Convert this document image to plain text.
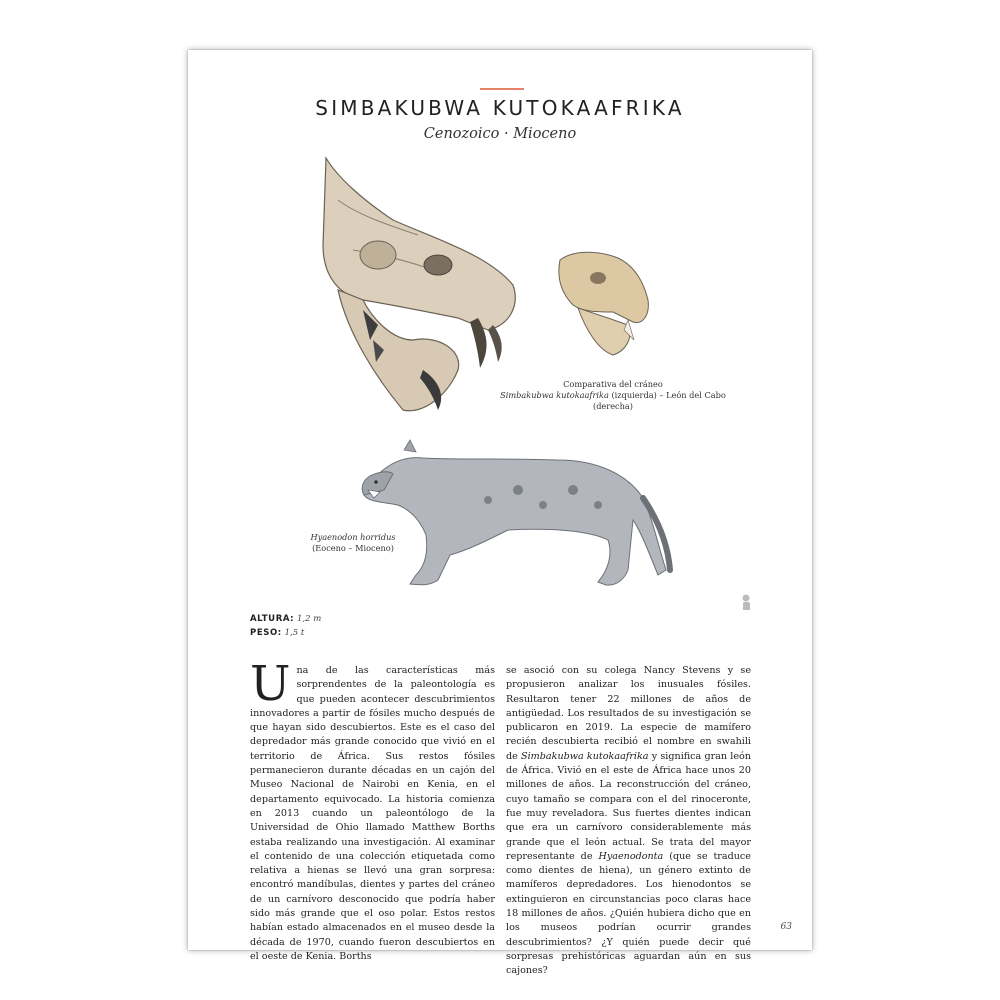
SIMBAKUBWA KUTOKAAFRIKA
Cenozoico · Mioceno
Comparativa del cráneo
Simbakubwa kutokaafrika (izquierda) – León del Cabo (derecha)
Hyaenodon horridus
(Eoceno – Mioceno)
ALTURA: 1,2 m
PESO: 1,5 t
Una de las características más sorprendentes de la paleontología es que pueden acontecer descubrimientos innovadores a partir de fósiles mucho después de que hayan sido descubiertos. Este es el caso del depredador más grande conocido que vivió en el territorio de África. Sus restos fósiles permanecieron durante décadas en un cajón del Museo Nacional de Nairobi en Kenia, en el departamento equivocado. La historia comienza en 2013 cuando un paleontólogo de la Universidad de Ohio llamado Matthew Borths estaba realizando una investigación. Al examinar el contenido de una colección etiquetada como relativa a hienas se llevó una gran sorpresa: encontró mandíbulas, dientes y partes del cráneo de un carnívoro desconocido que podría haber sido más grande que el oso polar. Estos restos habían estado almacenados en el museo desde la década de 1970, cuando fueron descubiertos en el oeste de Kenia. Borths
se asoció con su colega Nancy Stevens y se propusieron analizar los inusuales fósiles. Resultaron tener 22 millones de años de antigüedad. Los resultados de su investigación se publicaron en 2019. La especie de mamífero recién descubierta recibió el nombre en swahili de Simbakubwa kutokaafrika y significa gran león de África. Vivió en el este de África hace unos 20 millones de años. La reconstrucción del cráneo, cuyo tamaño se compara con el del rinoceronte, fue muy reveladora. Sus fuertes dientes indican que era un carnívoro considerablemente más grande que el león actual. Se trata del mayor representante de Hyaenodonta (que se traduce como dientes de hiena), un género extinto de mamíferos depredadores. Los hienodontos se extinguieron en circunstancias poco claras hace 18 millones de años. ¿Quién hubiera dicho que en los museos podrían ocurrir grandes descubrimientos? ¿Y quién puede decir qué sorpresas prehistóricas aguardan aún en sus cajones?
63
